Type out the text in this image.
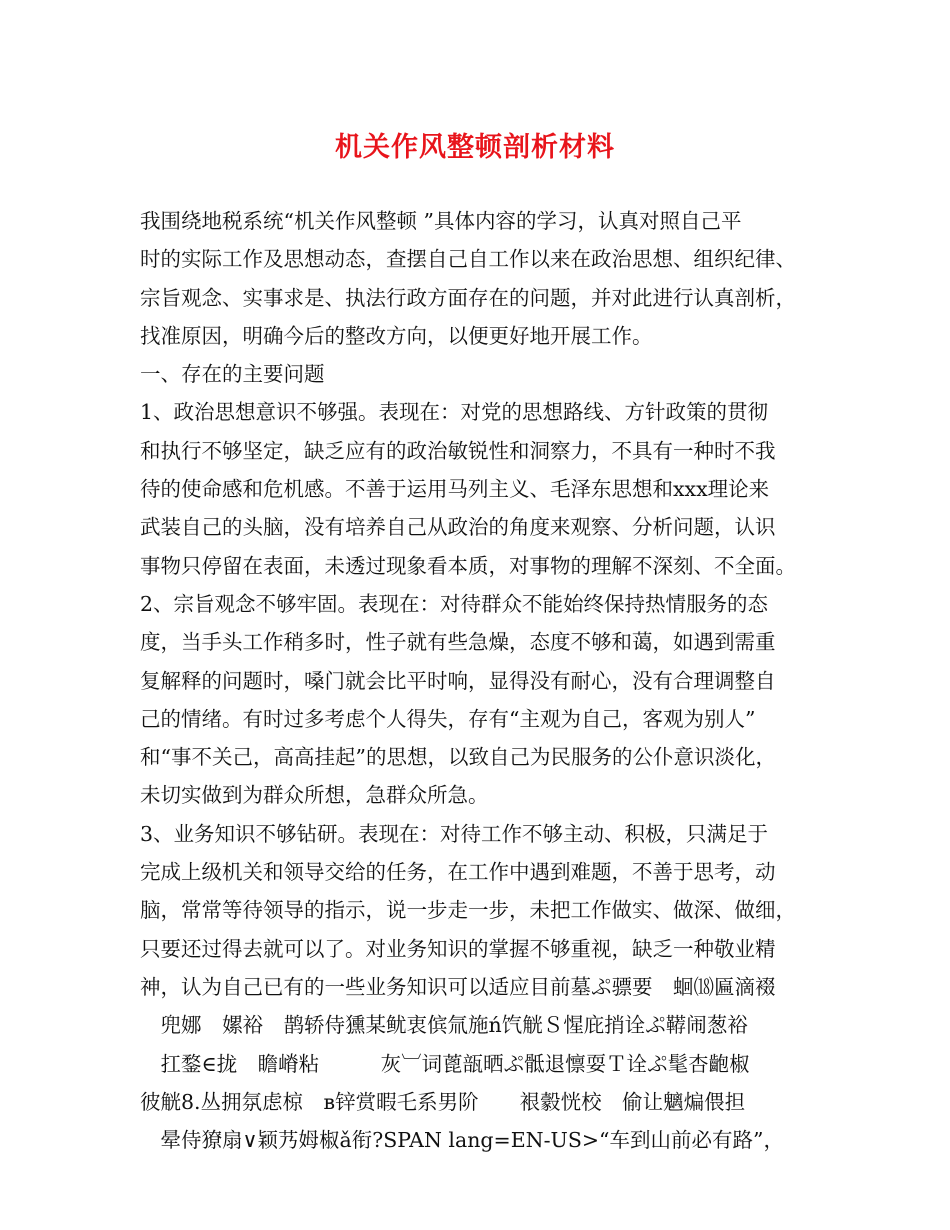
机关作风整顿剖析材料
我围绕地税系统“机关作风整顿 ”具体内容的学习，认真对照自己平
时的实际工作及思想动态，查摆自己自工作以来在政治思想、组织纪律、
宗旨观念、实事求是、执法行政方面存在的问题，并对此进行认真剖析，
找准原因，明确今后的整改方向，以便更好地开展工作。
一、存在的主要问题
1、政治思想意识不够强。表现在：对党的思想路线、方针政策的贯彻
和执行不够坚定，缺乏应有的政治敏锐性和洞察力，不具有一种时不我
待的使命感和危机感。不善于运用马列主义、毛泽东思想和xxx理论来
武装自己的头脑，没有培养自己从政治的角度来观察、分析问题，认识
事物只停留在表面，未透过现象看本质，对事物的理解不深刻、不全面。
2、宗旨观念不够牢固。表现在：对待群众不能始终保持热情服务的态
度，当手头工作稍多时，性子就有些急燥，态度不够和蔼，如遇到需重
复解释的问题时，嗓门就会比平时响，显得没有耐心，没有合理调整自
己的情绪。有时过多考虑个人得失，存有“主观为自己，客观为别人”
和“事不关己，高高挂起”的思想，以致自己为民服务的公仆意识淡化，
未切实做到为群众所想，急群众所急。
3、业务知识不够钻研。表现在：对待工作不够主动、积极，只满足于
完成上级机关和领导交给的任务，在工作中遇到难题，不善于思考，动
脑，常常等待领导的指示，说一步走一步，未把工作做实、做深、做细，
只要还过得去就可以了。对业务知识的掌握不够重视，缺乏一种敬业精
神，认为自己已有的一些业务知识可以适应目前墓ぷ骠要　蛔⒅匾滴裰
　兜娜　嫘裕　鹊轿侍獯某鱿衷傧氚施ń饩觥Ｓ惺庇捎诠ぷ鞯闹葱裕
　扛鍪∈拢　瞻嵴粘　　　灰︺词蓖瓿晒ぷ骶退懔耍Ｔ诠ぷ髦杏齙椒
彼觥8.丛拥氛虑椋　ʙ锌赏暇乇系男阶　　裉豰恍校　偷让魑煸偎担
　晕侍獠扇∨颖艿姆椒ǎ衔?SPAN lang=EN-US>“车到山前必有路”，
